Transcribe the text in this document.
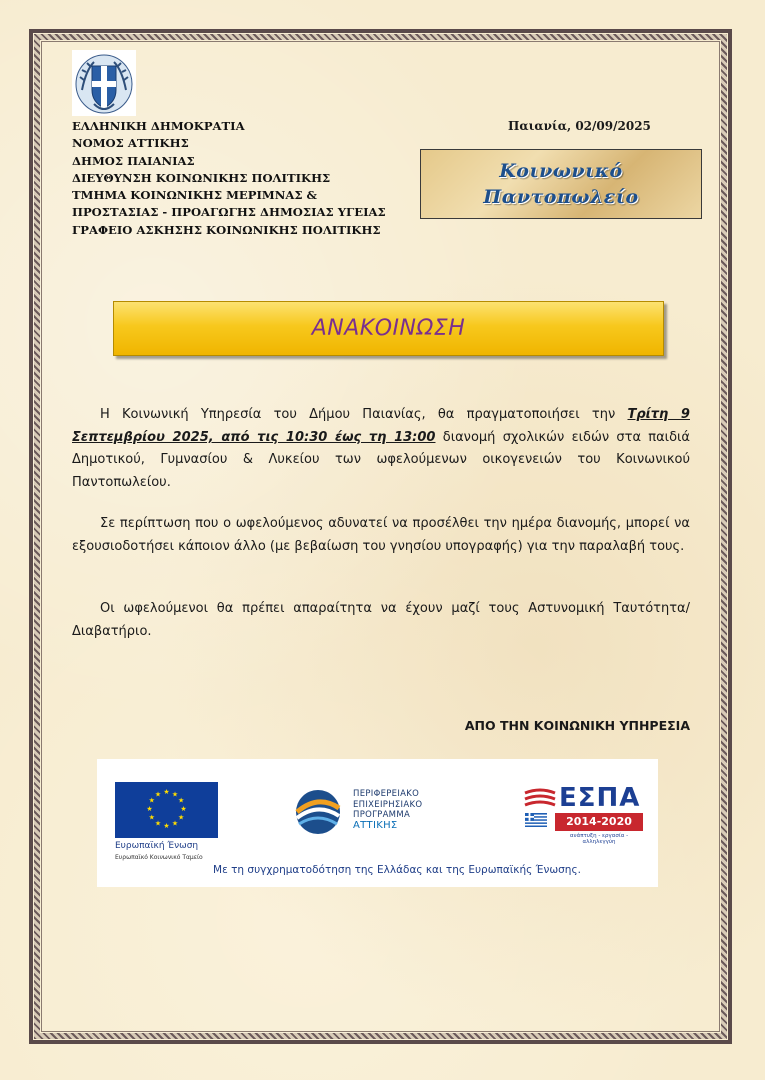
ΕΛΛΗΝΙΚΗ ΔΗΜΟΚΡΑΤΙΑ
ΝΟΜΟΣ ΑΤΤΙΚΗΣ
ΔΗΜΟΣ ΠΑΙΑΝΙΑΣ
ΔΙΕΥΘΥΝΣΗ ΚΟΙΝΩΝΙΚΗΣ ΠΟΛΙΤΙΚΗΣ
ΤΜΗΜΑ ΚΟΙΝΩΝΙΚΗΣ ΜΕΡΙΜΝΑΣ &
ΠΡΟΣΤΑΣΙΑΣ - ΠΡΟΑΓΩΓΗΣ ΔΗΜΟΣΙΑΣ ΥΓΕΙΑΣ
ΓΡΑΦΕΙΟ ΑΣΚΗΣΗΣ ΚΟΙΝΩΝΙΚΗΣ ΠΟΛΙΤΙΚΗΣ
Παιανία, 02/09/2025
Κοινωνικό
Παντοπωλείο
ΑΝΑΚΟΙΝΩΣΗ
Η Κοινωνική Υπηρεσία του Δήμου Παιανίας, θα πραγματοποιήσει την Τρίτη 9 Σεπτεμβρίου 2025, από τις 10:30 έως τη 13:00 διανομή σχολικών ειδών στα παιδιά Δημοτικού, Γυμνασίου & Λυκείου των ωφελούμενων οικογενειών του Κοινωνικού Παντοπωλείου.
Σε περίπτωση που ο ωφελούμενος αδυνατεί να προσέλθει την ημέρα διανομής, μπορεί να εξουσιοδοτήσει κάποιον άλλο (με βεβαίωση του γνησίου υπογραφής) για την παραλαβή τους.
Οι ωφελούμενοι θα πρέπει απαραίτητα να έχουν μαζί τους Αστυνομική Ταυτότητα/Διαβατήριο.
ΑΠΟ ΤΗΝ ΚΟΙΝΩΝΙΚΗ ΥΠΗΡΕΣΙΑ
★ ★
★
★
★
★
★
★
★
★
★
★
Ευρωπαϊκή Ένωση
Ευρωπαϊκό Κοινωνικό Ταμείο
ΠΕΡΙΦΕΡΕΙΑΚΟ
ΕΠΙΧΕΙΡΗΣΙΑΚΟ
ΠΡΟΓΡΑΜΜΑ
ΑΤΤΙΚΗΣ
ΕΣΠΑ
2014-2020
ανάπτυξη - εργασία - αλληλεγγύη
Με τη συγχρηματοδότηση της Ελλάδας και της Ευρωπαϊκής Ένωσης.
